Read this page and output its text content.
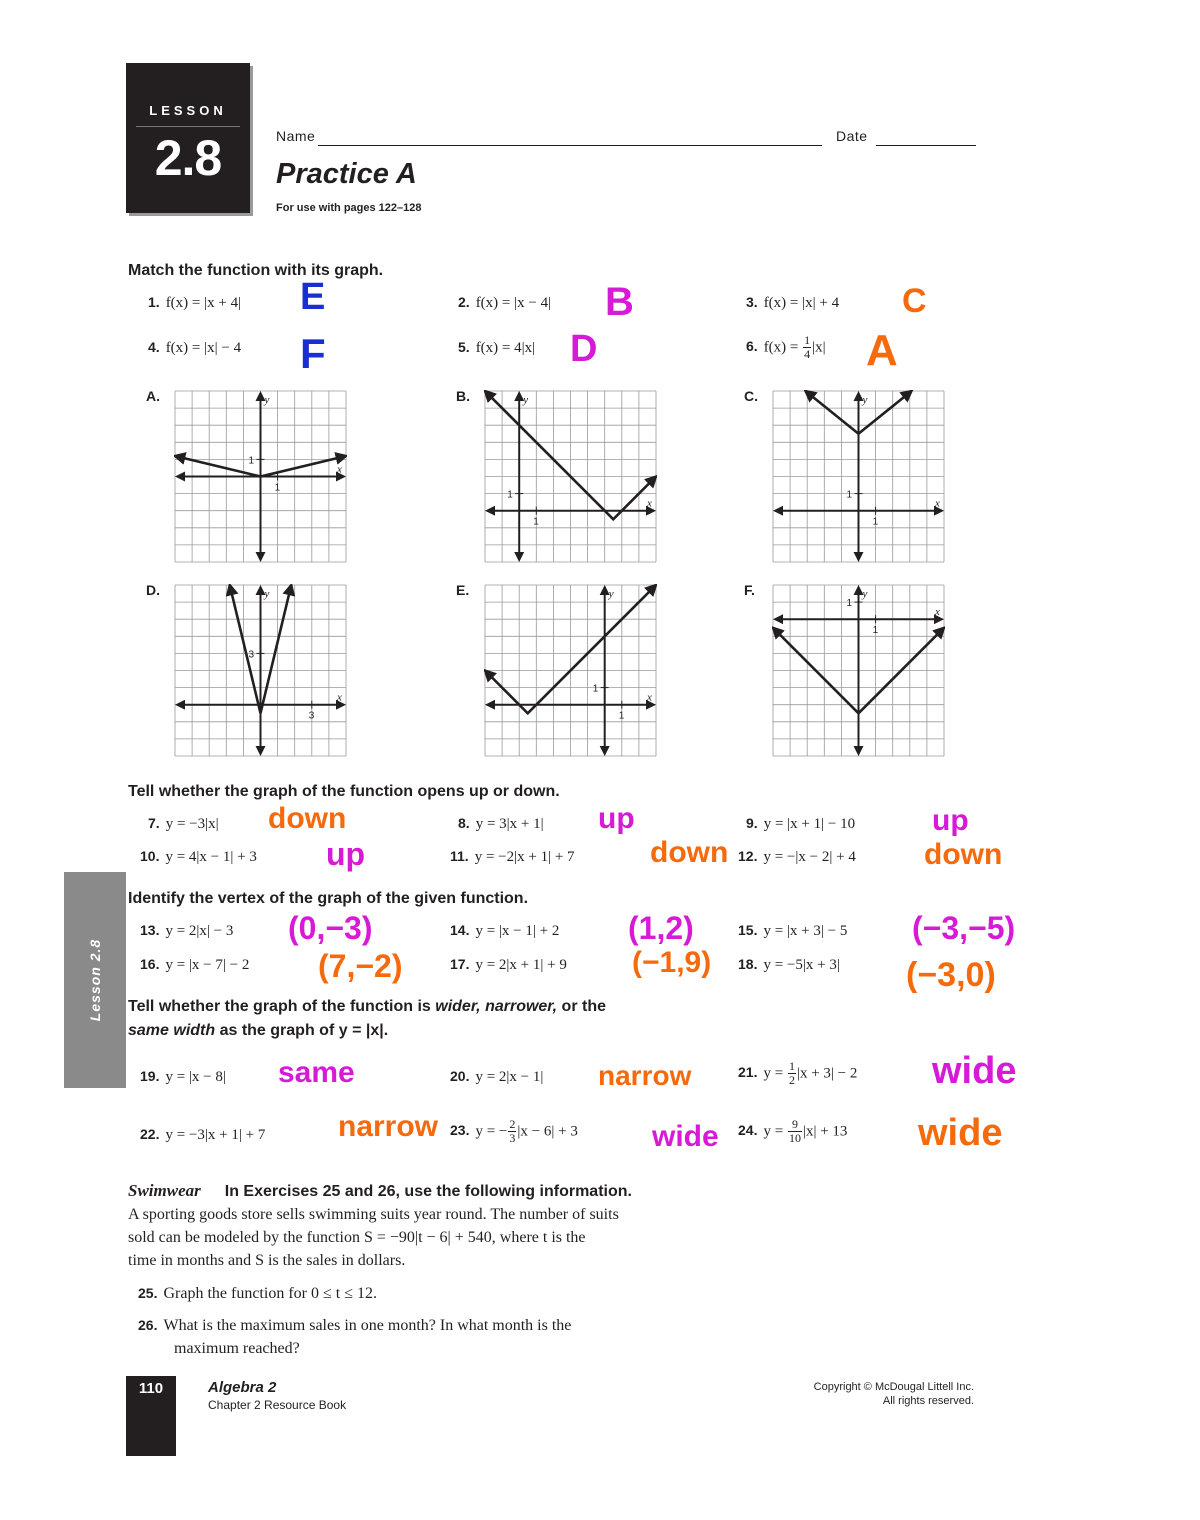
LESSON
2.8	Name	Date
Practice A
For use with pages 122–128
Match the function with its graph.
1. f(x) = |x + 4| E	2. f(x) = |x − 4| B	3. f(x) = |x| + 4 C
4. f(x) = |x| − 4 F	5. f(x) = 4|x| D	6. $f(x) = \frac{1}{4} |x|$ A
A.
1
1
y
x
B.
1
1
y
x
C.
1
1
y
x
D.
3
3
y
x
E.
1
1
y
x
F.
1
1
y
x
Tell whether the graph of the function opens up or down.
7. y = −3|x| down	8. y = 3|x + 1| up	9. y = |x + 1| − 10	up
10. y = 4|x − 1| + 3 up	11. y = −2|x + 1| + 7	down 12. y = −|x − 2| + 4 down
Identify the vertex of the graph of the given function.
13. y = 2|x| − 3 (0,−3)	14. y = |x − 1| + 2 (1,2)	15. y = |x + 3| − 5 (−3,−5)
16. y = |x − 7| − 2 (7,−2)	17. y = 2|x + 1| + 9 (−1,9) 18. y = −5|x + 3| (−3,0)
Tell whether the graph of the function is wider, narrower, or the
same width as the graph of y = |x|.
19. y = |x − 8| same	20. y = 2|x − 1| narrow	21. $y = \frac{1}{2} |x + 3| - 2$ wide
22. y = −3|x + 1| + 7 narrow 23. y = − $\frac{2}{3} |x - 6| + 3$ wide 24. $y = \frac{9}{10} |x| + 13$ wide
Swimwear In Exercises 25 and 26, use the following information.
A sporting goods store sells swimming suits year round. The number of suits
sold can be modeled by the function S = −90|t − 6| + 540, where t is the
time in months and S is the sales in dollars.
25. Graph the function for 0 ≤ t ≤ 12.
26. What is the maximum sales in one month? In what month is the
maximum reached?
Lesson 2.8
110	Algebra 2
Chapter 2 Resource Book
Copyright © McDougal Littell Inc.
All rights reserved.
